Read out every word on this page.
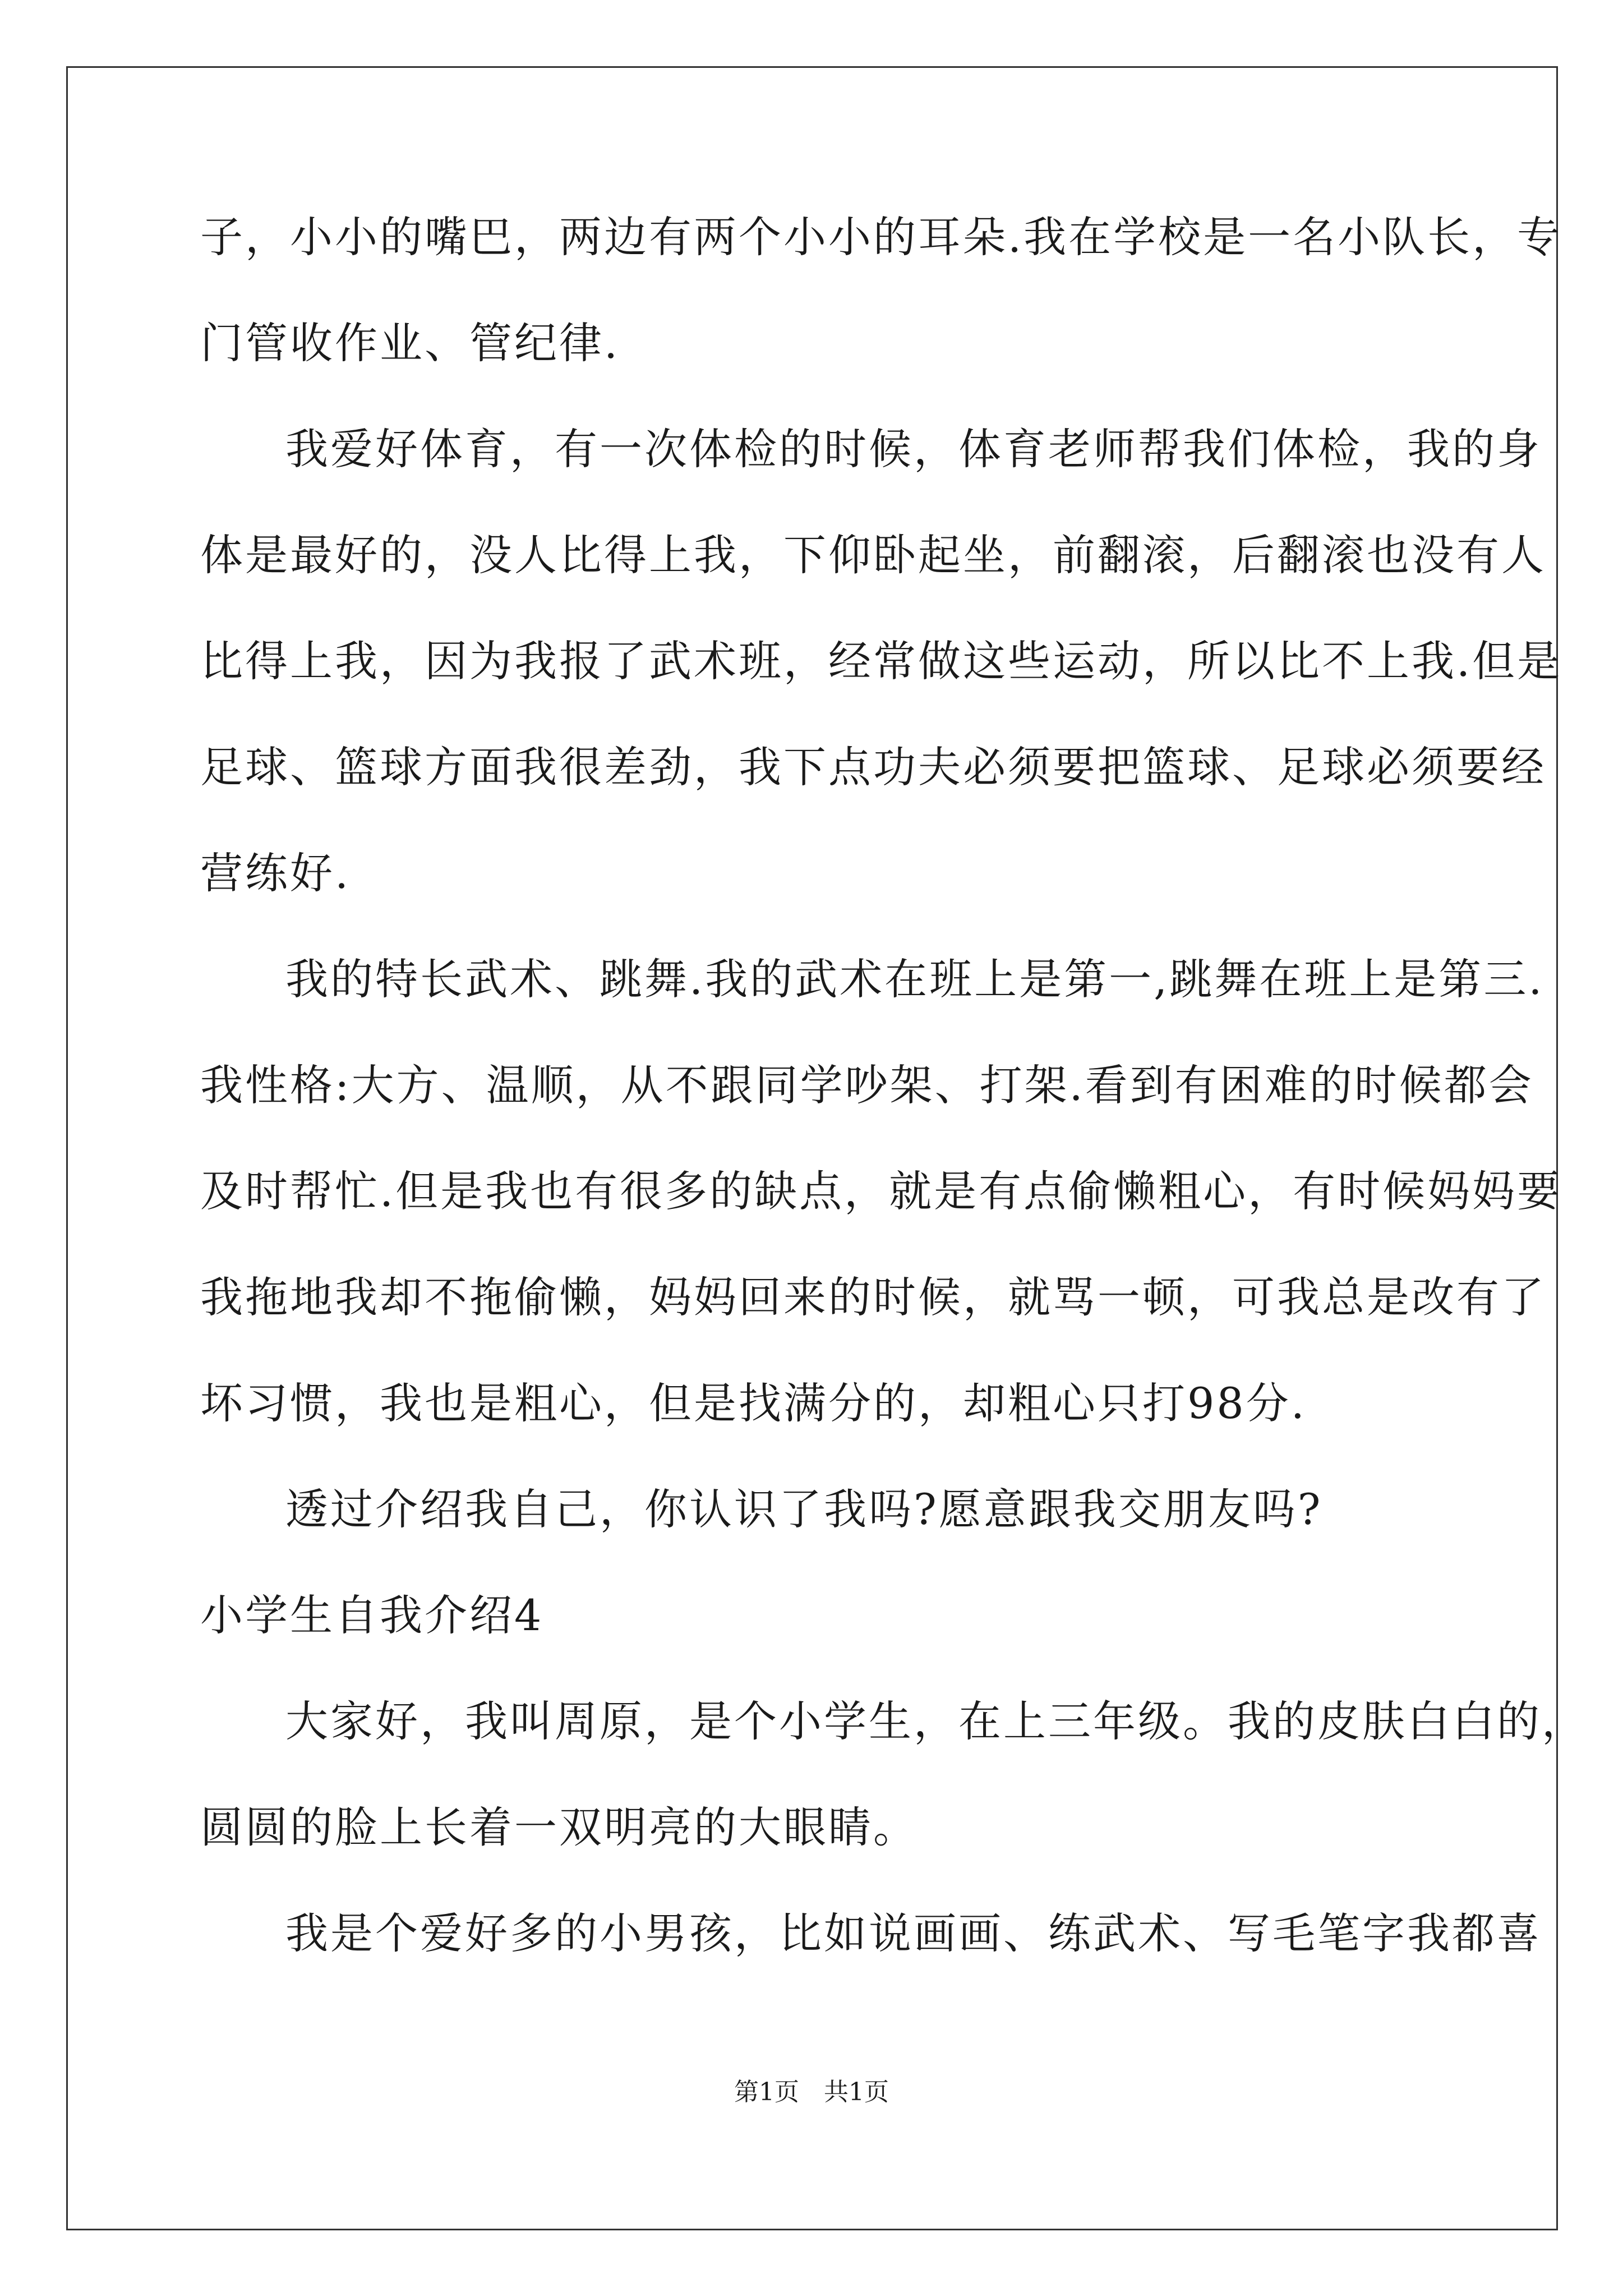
子，小小的嘴巴，两边有两个小小的耳朵.我在学校是一名小队长，专
门管收作业、管纪律.
我爱好体育，有一次体检的时候，体育老师帮我们体检，我的身
体是最好的，没人比得上我，下仰卧起坐，前翻滚，后翻滚也没有人
比得上我，因为我报了武术班，经常做这些运动，所以比不上我.但是
足球、篮球方面我很差劲，我下点功夫必须要把篮球、足球必须要经
营练好.
我的特长武术、跳舞.我的武术在班上是第一,跳舞在班上是第三.
我性格:大方、温顺，从不跟同学吵架、打架.看到有困难的时候都会
及时帮忙.但是我也有很多的缺点，就是有点偷懒粗心，有时候妈妈要
我拖地我却不拖偷懒，妈妈回来的时候，就骂一顿，可我总是改有了
坏习惯，我也是粗心，但是找满分的，却粗心只打98分.
透过介绍我自己，你认识了我吗?愿意跟我交朋友吗?
小学生自我介绍4
大家好，我叫周原，是个小学生，在上三年级。我的皮肤白白的，
圆圆的脸上长着一双明亮的大眼睛。
我是个爱好多的小男孩，比如说画画、练武术、写毛笔字我都喜
第1页　共1页
